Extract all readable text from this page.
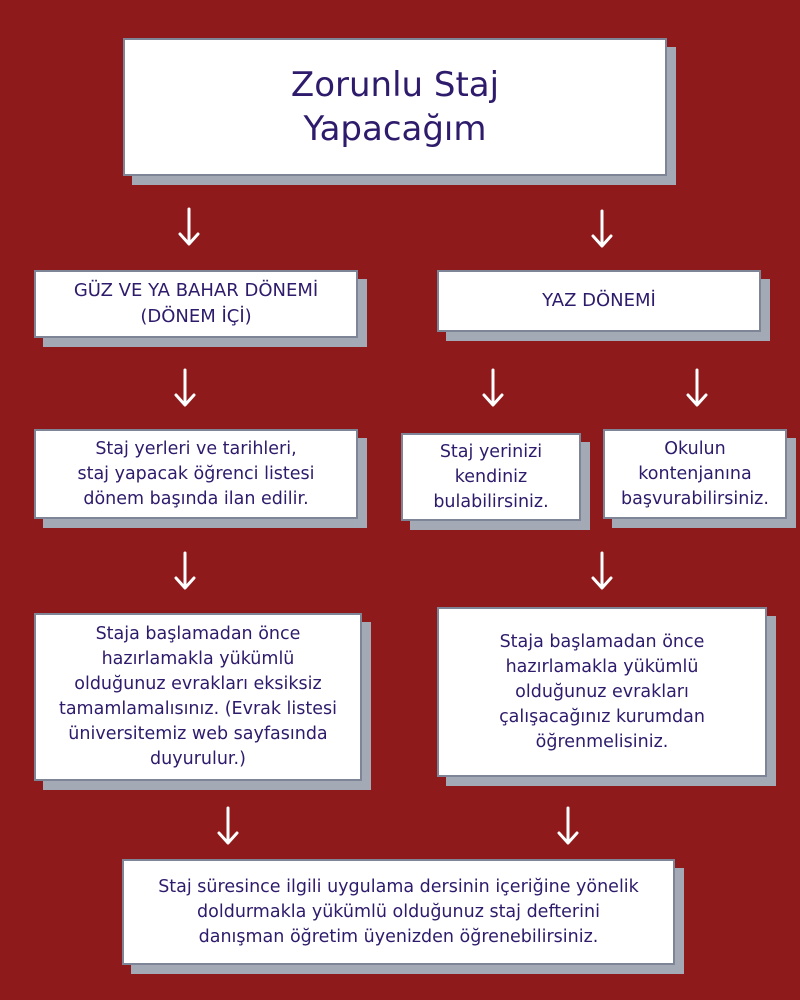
Zorunlu Staj
Yapacağım
GÜZ VE YA BAHAR DÖNEMİ
(DÖNEM İÇİ)
YAZ DÖNEMİ
Staj yerleri ve tarihleri,
staj yapacak öğrenci listesi
dönem başında ilan edilir.
Staj yerinizi
kendiniz
bulabilirsiniz.
Okulun
kontenjanına
başvurabilirsiniz.
Staja başlamadan önce
hazırlamakla yükümlü
olduğunuz evrakları eksiksiz
tamamlamalısınız. (Evrak listesi
üniversitemiz web sayfasında
duyurulur.)
Staja başlamadan önce
hazırlamakla yükümlü
olduğunuz evrakları
çalışacağınız kurumdan
öğrenmelisiniz.
Staj süresince ilgili uygulama dersinin içeriğine yönelik
doldurmakla yükümlü olduğunuz staj defterini
danışman öğretim üyenizden öğrenebilirsiniz.
